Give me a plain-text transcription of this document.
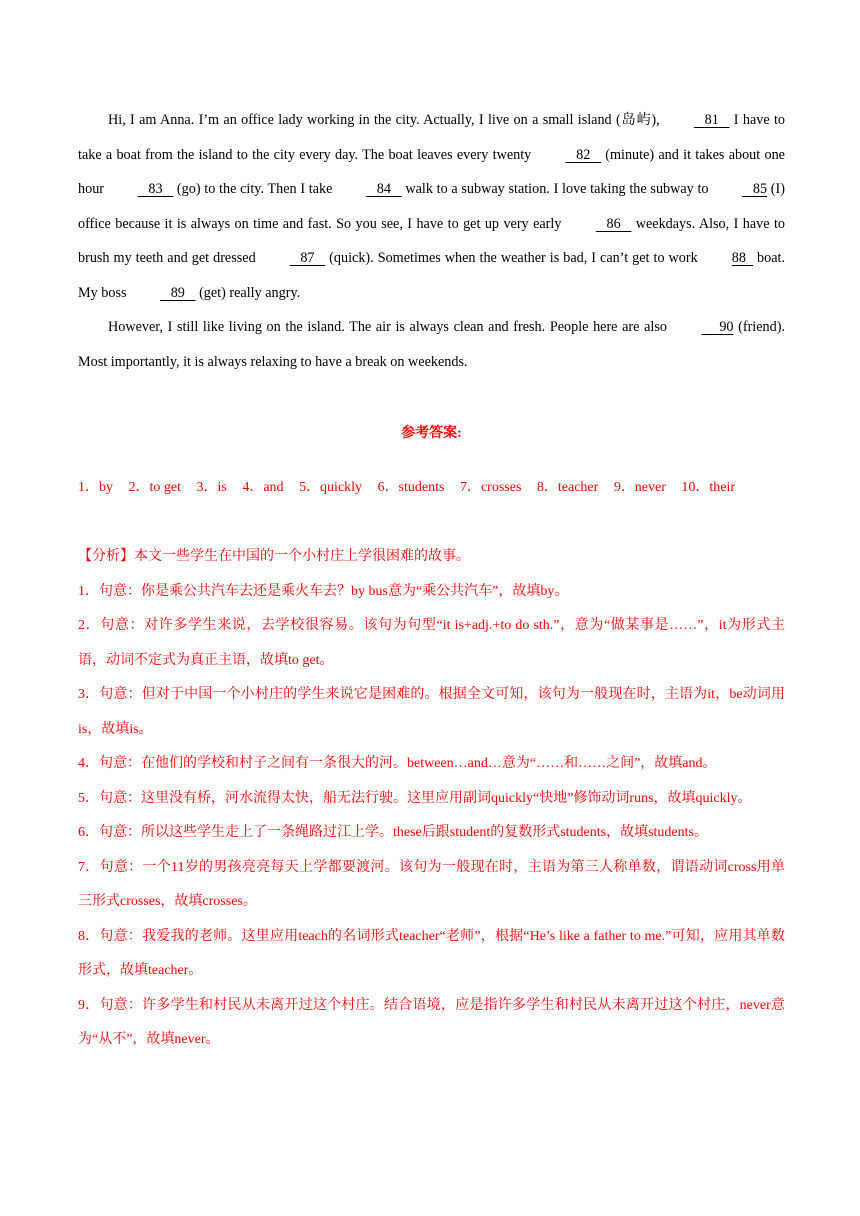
Hi, I am Anna. I’m an office lady working in the city. Actually, I live on a small island (岛屿),	81    I have to take a boat from the island to the city every day. The boat leaves every twenty	82    (minute) and it takes about one hour	83    (go) to the city. Then I take	84    walk to a subway station. I love taking the subway to	85 (I) office because it is always on time and fast. So you see, I have to get up very early	86    weekdays. Also, I have to brush my teeth and get dressed	87    (quick). Sometimes when the weather is bad, I can’t get to work 88   boat. My boss	89    (get) really angry.

However, I still like living on the island. The air is always clean and fresh. People here are also	90 (friend). Most importantly, it is always relaxing to have a break on weekends.

参考答案:
1．by 2．to get 3．is 4．and 5．quickly 6．students 7．crosses 8．teacher 9．never 10．their

【分析】本文一些学生在中国的一个小村庄上学很困难的故事。

1．句意：你是乘公共汽车去还是乘火车去？by bus意为“乘公共汽车”，故填by。

2．句意：对许多学生来说，去学校很容易。该句为句型“it is+adj.+to do sth.”，意为“做某事是……”，it为形式主语，动词不定式为真正主语，故填to get。

3．句意：但对于中国一个小村庄的学生来说它是困难的。根据全文可知，该句为一般现在时，主语为it，be动词用is，故填is。

4．句意：在他们的学校和村子之间有一条很大的河。between…and…意为“……和……之间”，故填and。

5．句意：这里没有桥，河水流得太快，船无法行驶。这里应用副词quickly“快地”修饰动词runs，故填quickly。

6．句意：所以这些学生走上了一条绳路过江上学。these后跟student的复数形式students，故填students。

7．句意：一个11岁的男孩亮亮每天上学都要渡河。该句为一般现在时，主语为第三人称单数，谓语动词cross用单三形式crosses，故填crosses。

8．句意：我爱我的老师。这里应用teach的名词形式teacher“老师”，根据“He’s like a father to me.”可知，应用其单数形式，故填teacher。

9．句意：许多学生和村民从未离开过这个村庄。结合语境，应是指许多学生和村民从未离开过这个村庄，never意为“从不”，故填never。
